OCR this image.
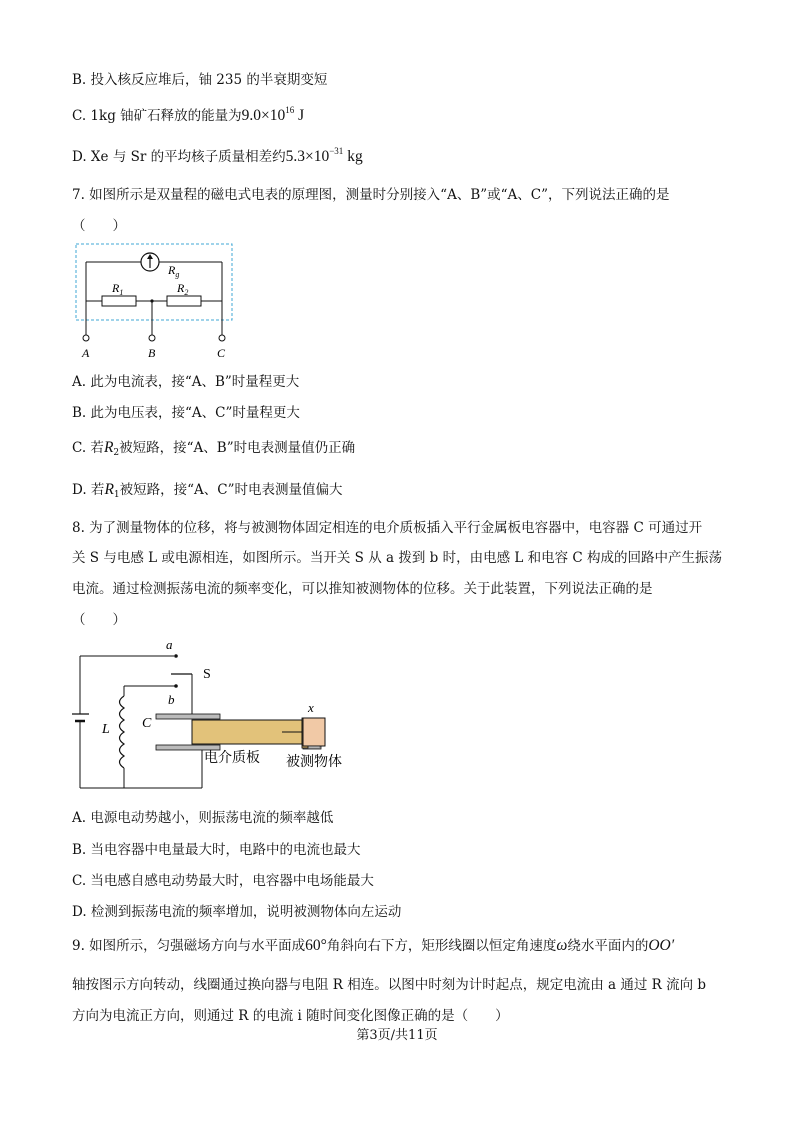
B. 投入核反应堆后，铀 235 的半衰期变短
C. 1kg 铀矿石释放的能量为$9.0\times 10^{16}$ J
D. Xe 与 Sr 的平均核子质量相差约$5.3\times 10^{-31}$ kg
7. 如图所示是双量程的磁电式电表的原理图，测量时分别接入“A、B”或“A、C”，下列说法正确的是
（　　）
$R_g$
$R_1$	$R_2$
A	B	C
A. 此为电流表，接“A、B”时量程更大
B. 此为电压表，接“A、C”时量程更大
C. 若$R_2$被短路，接“A、B”时电表测量值仍正确
D. 若$R_1$被短路，接“A、C”时电表测量值偏大
8. 为了测量物体的位移，将与被测物体固定相连的电介质板插入平行金属板电容器中，电容器 C 可通过开
关 S 与电感 L 或电源相连，如图所示。当开关 S 从 a 拨到 b 时，由电感 L 和电容 C 构成的回路中产生振荡
电流。通过检测振荡电流的频率变化，可以推知被测物体的位移。关于此装置，下列说法正确的是
（　　）
a
S
b
L C
x
电介质板 被测物体
A. 电源电动势越小，则振荡电流的频率越低
B. 当电容器中电量最大时，电路中的电流也最大
C. 当电感自感电动势最大时，电容器中电场能最大
D. 检测到振荡电流的频率增加，说明被测物体向左运动
9. 如图所示，匀强磁场方向与水平面成60°角斜向右下方，矩形线圈以恒定角速度ω绕水平面内的OO′
轴按图示方向转动，线圈通过换向器与电阻 R 相连。以图中时刻为计时起点，规定电流由 a 通过 R 流向 b
方向为电流正方向，则通过 R 的电流 i 随时间变化图像正确的是（　　）
第3页/共11页
